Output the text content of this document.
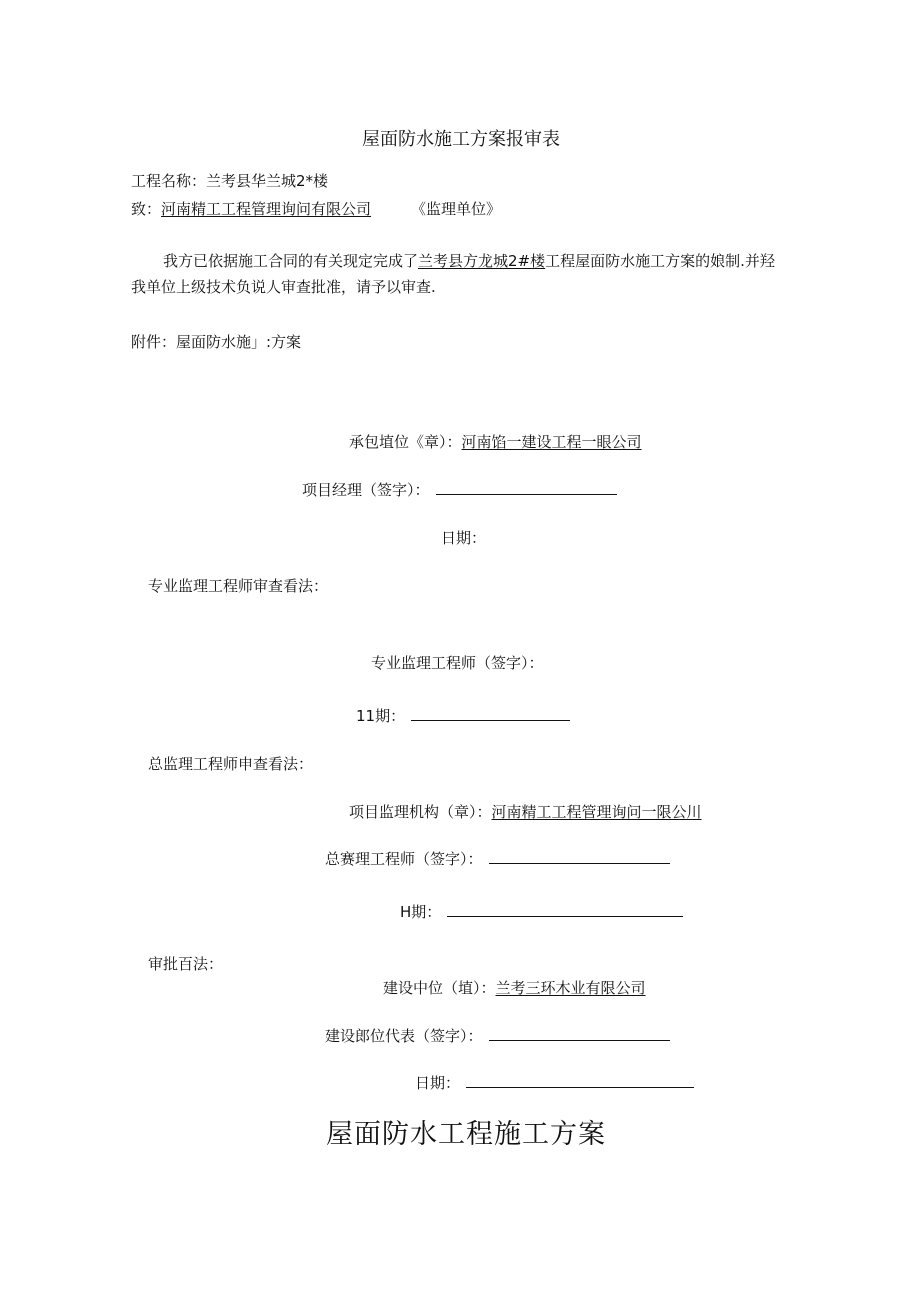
屋面防水施工方案报审表
工程名称：兰考县华兰城2*楼
致：河南精工工程管理询问有限公司	《监理单位》
我方已依据施工合同的有关现定完成了兰考县方龙城2#楼工程屋面防水施工方案的娘制.并羟
我单位上级技术负说人审查批准，请予以审查.
附件：屋面防水施」:方案
承包埴位《章）：河南馅一建设工程一眼公司
项目经理（签字）：
日期：
专业监理工程师审查看法：
专业监理工程师（签字）：
11期：
总监理工程师申查看法：
项目监理机构（章）：河南精工工程管理询问一限公川
总赛理工程师（签字）：
H期：
审批百法：
建设中位（埴）：兰考三环木业有限公司
建设郎位代表（签字）：
日期：
屋面防水工程施工方案
